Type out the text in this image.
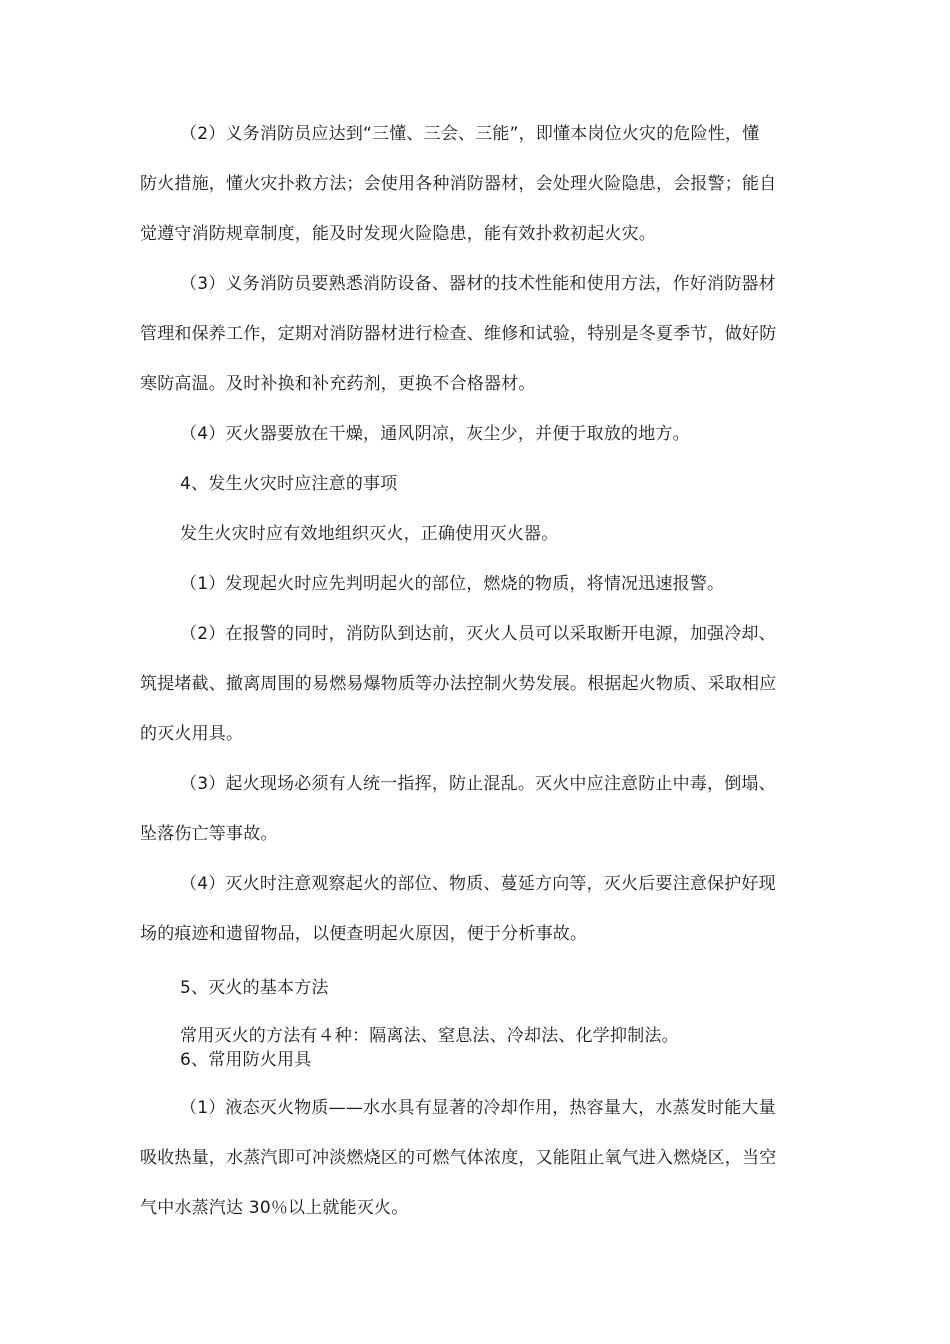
（2）义务消防员应达到“三懂、三会、三能”，即懂本岗位火灾的危险性，懂
防火措施，懂火灾扑救方法；会使用各种消防器材，会处理火险隐患，会报警；能自
觉遵守消防规章制度，能及时发现火险隐患，能有效扑救初起火灾。
（3）义务消防员要熟悉消防设备、器材的技术性能和使用方法，作好消防器材
管理和保养工作，定期对消防器材进行检查、维修和试验，特别是冬夏季节，做好防
寒防高温。及时补换和补充药剂，更换不合格器材。
（4）灭火器要放在干燥，通风阴凉，灰尘少，并便于取放的地方。
4、发生火灾时应注意的事项
发生火灾时应有效地组织灭火，正确使用灭火器。
（1）发现起火时应先判明起火的部位，燃烧的物质，将情况迅速报警。
（2）在报警的同时，消防队到达前，灭火人员可以采取断开电源，加强冷却、
筑提堵截、撤离周围的易燃易爆物质等办法控制火势发展。根据起火物质、采取相应
的灭火用具。
（3）起火现场必须有人统一指挥，防止混乱。灭火中应注意防止中毒，倒塌、
坠落伤亡等事故。
（4）灭火时注意观察起火的部位、物质、蔓延方向等，灭火后要注意保护好现
场的痕迹和遗留物品，以便查明起火原因，便于分析事故。
5、灭火的基本方法
常用灭火的方法有４种：隔离法、窒息法、冷却法、化学抑制法。
6、常用防火用具
（1）液态灭火物质——水水具有显著的冷却作用，热容量大，水蒸发时能大量
吸收热量，水蒸汽即可冲淡燃烧区的可燃气体浓度，又能阻止氧气进入燃烧区，当空
气中水蒸汽达 30％以上就能灭火。
